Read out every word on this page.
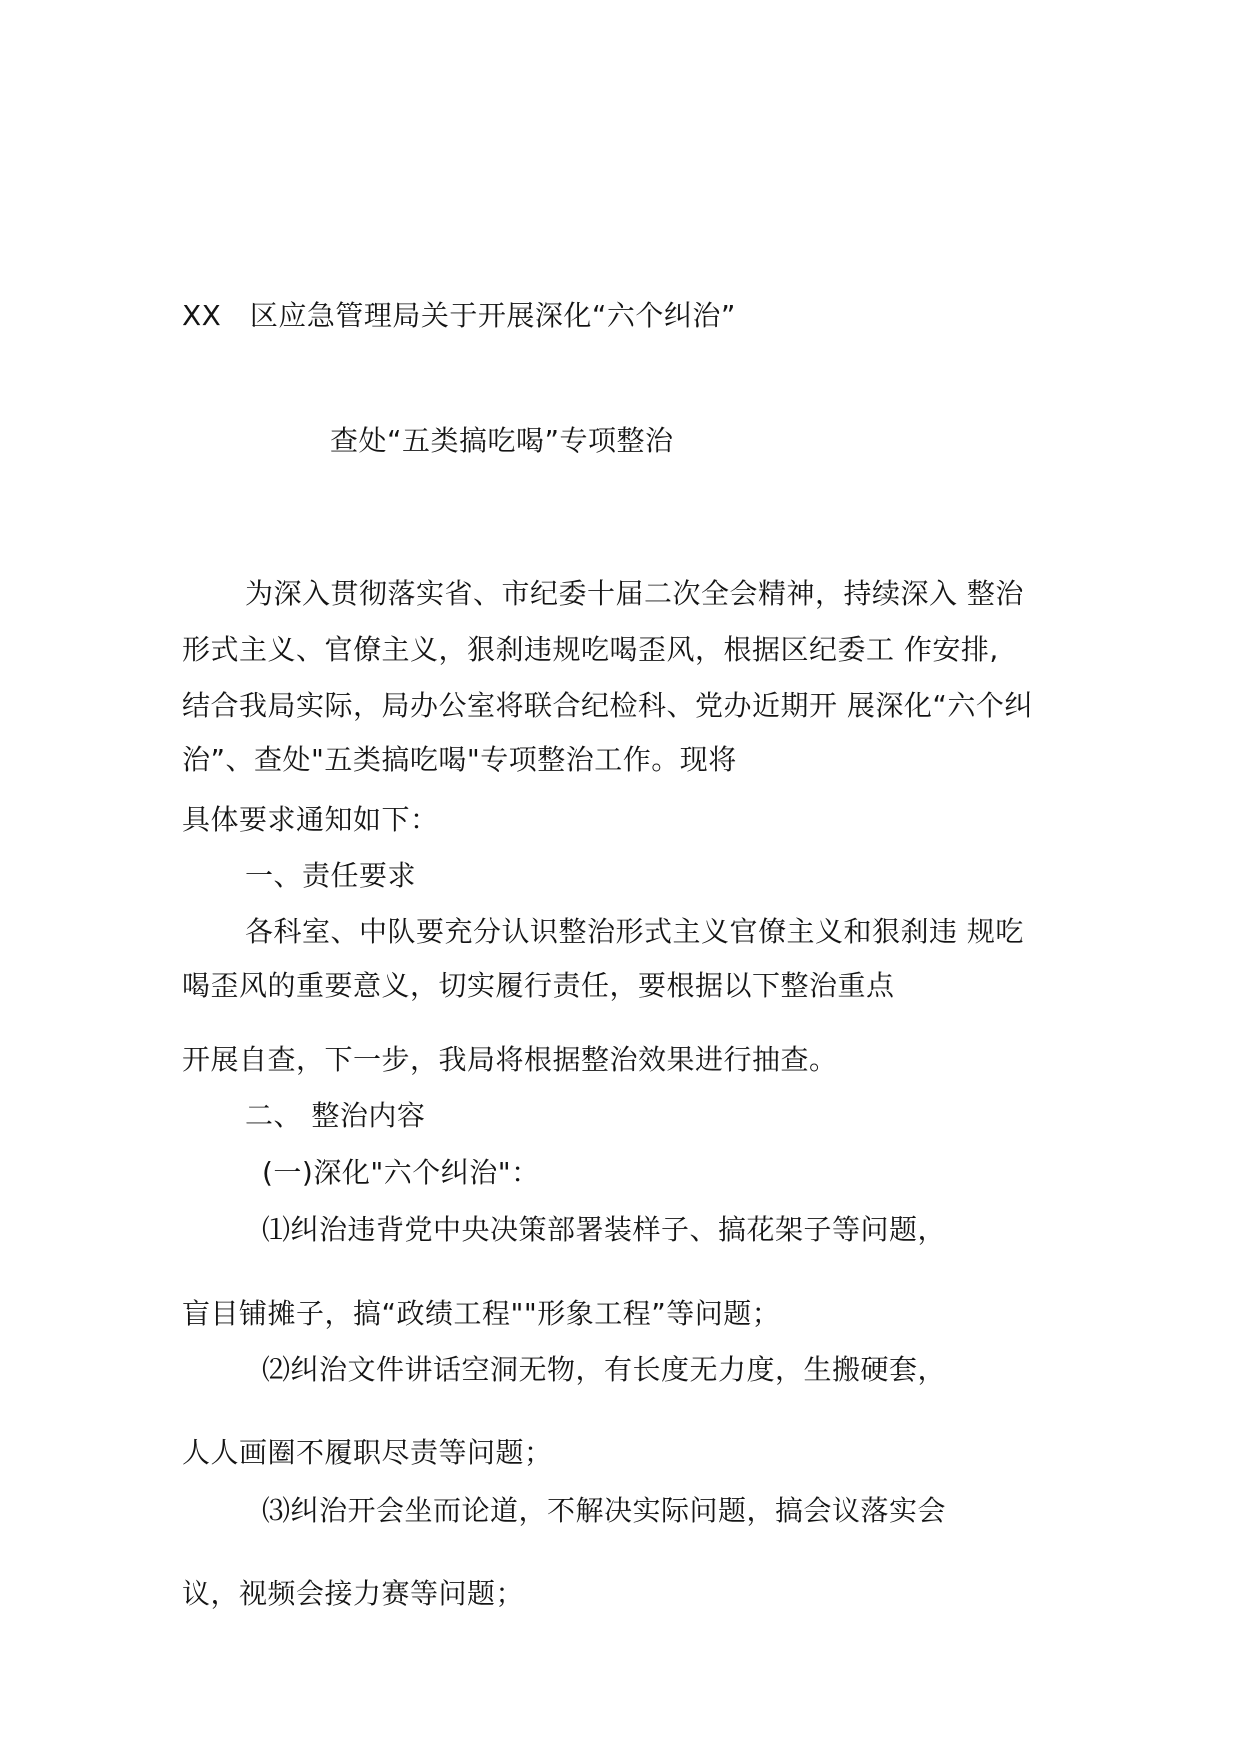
XX　区应急管理局关于开展深化“六个纠治”
查处“五类搞吃喝”专项整治
为深入贯彻落实省、市纪委十届二次全会精神，持续深入 整治
形式主义、官僚主义，狠刹违规吃喝歪风，根据区纪委工 作安排,
结合我局实际，局办公室将联合纪检科、党办近期开 展深化“六个纠
治”、查处"五类搞吃喝"专项整治工作。现将
具体要求通知如下：
一、责任要求
各科室、中队要充分认识整治形式主义官僚主义和狠刹违 规吃
喝歪风的重要意义，切实履行责任，要根据以下整治重点
开展自查，下一步，我局将根据整治效果进行抽查。
二、 整治内容
(一)深化"六个纠治"：
⑴纠治违背党中央决策部署装样子、搞花架子等问题，
盲目铺摊子，搞“政绩工程""形象工程”等问题；
⑵纠治文件讲话空洞无物，有长度无力度，生搬硬套，
人人画圈不履职尽责等问题；
⑶纠治开会坐而论道，不解决实际问题，搞会议落实会
议，视频会接力赛等问题；
